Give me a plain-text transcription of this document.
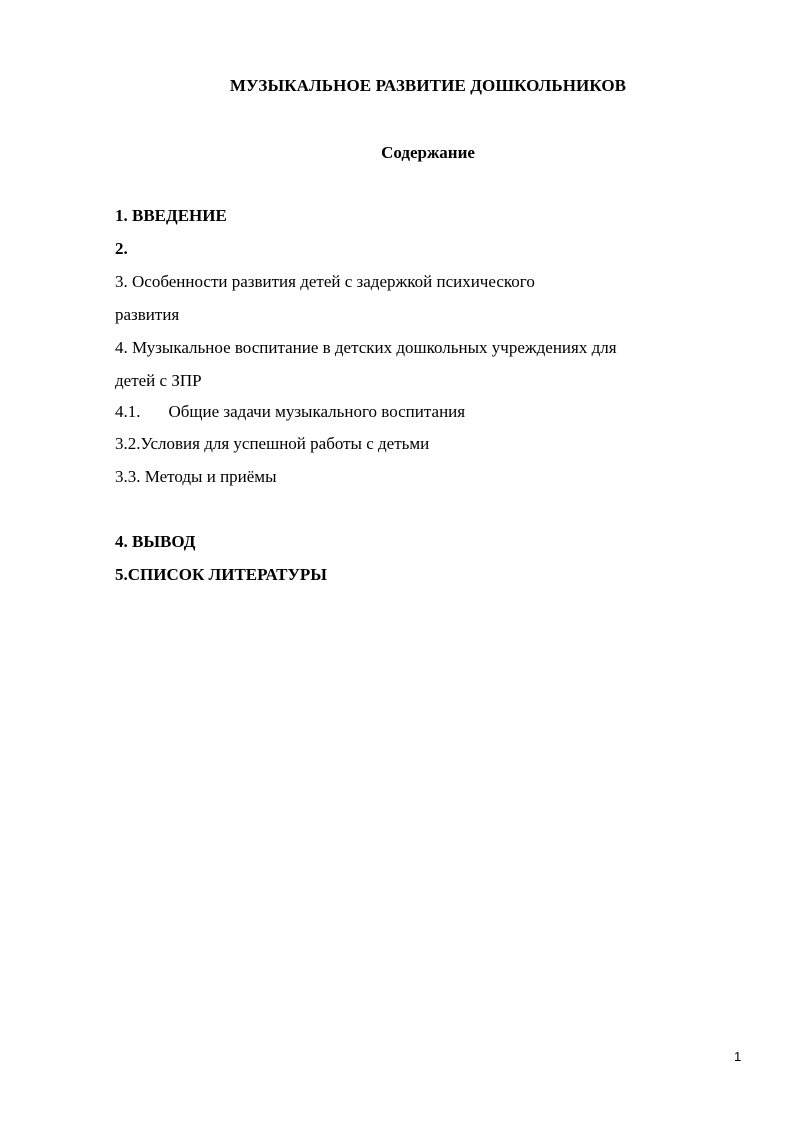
МУЗЫКАЛЬНОЕ РАЗВИТИЕ ДОШКОЛЬНИКОВ
Содержание
1. ВВЕДЕНИЕ
2.
3. Особенности развития детей с задержкой психического
развития
4. Музыкальное воспитание в детских дошкольных учреждениях для
детей с ЗПР
4.1. Общие задачи музыкального воспитания
3.2.Условия для успешной работы с детьми
3.3. Методы и приёмы
4. ВЫВОД
5.СПИСОК ЛИТЕРАТУРЫ
1
